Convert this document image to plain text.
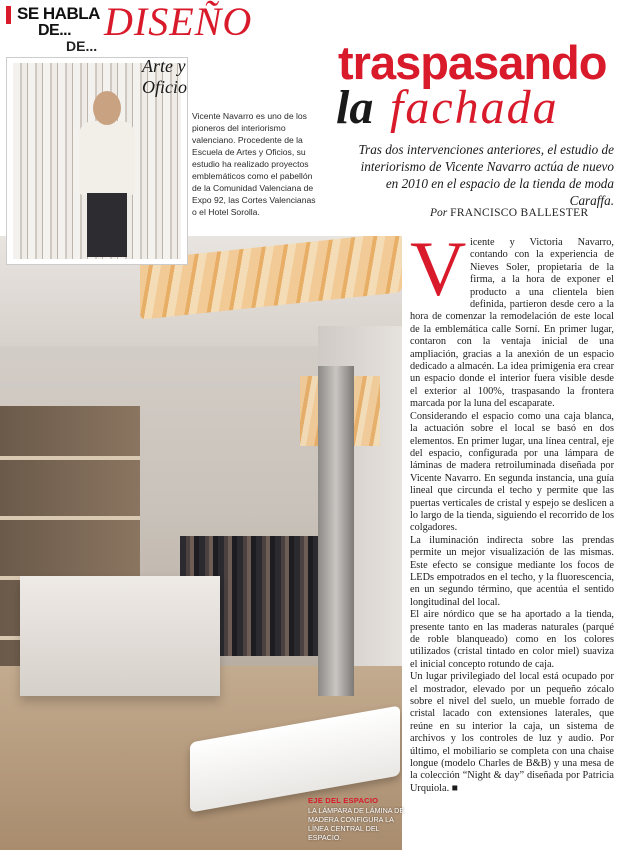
SE HABLA
DE...
DE...
DISEÑO
Arte y Oficio
Vicente Navarro es uno de los pioneros del interiorismo valenciano. Procedente de la Escuela de Artes y Oficios, su estudio ha realizado proyectos emblemáticos como el pabellón de la Comunidad Valenciana de Expo 92, las Cortes Valencianas o el Hotel Sorolla.
traspasando
la fachada
Tras dos intervenciones anteriores, el estudio de interiorismo de Vicente Navarro actúa de nuevo en 2010 en el espacio de la tienda de moda Caraffa.
Por FRANCISCO BALLESTER
V icente y Victoria Navarro, contando con la experiencia de Nieves Soler, propietaria de la firma, a la hora de exponer el producto a una clientela bien definida, partieron desde cero a la hora de comenzar la remodelación de este local de la emblemática calle Sorní. En primer lugar, contaron con la ventaja inicial de una ampliación, gracias a la anexión de un espacio dedicado a almacén. La idea primigenia era crear un espacio donde el interior fuera visible desde el exterior al 100%, traspasando la frontera marcada por la luna del escaparate.

Considerando el espacio como una caja blanca, la actuación sobre el local se basó en dos elementos. En primer lugar, una línea central, eje del espacio, configurada por una lámpara de láminas de madera retroiluminada diseñada por Vicente Navarro. En segunda instancia, una guía lineal que circunda el techo y permite que las puertas verticales de cristal y espejo se deslicen a lo largo de la tienda, siguiendo el recorrido de los colgadores.

La iluminación indirecta sobre las prendas permite un mejor visualización de las mismas. Este efecto se consigue mediante los focos de LEDs empotrados en el techo, y la fluorescencia, en un segundo término, que acentúa el sentido longitudinal del local.

El aire nórdico que se ha aportado a la tienda, presente tanto en las maderas naturales (parqué de roble blanqueado) como en los colores utilizados (cristal tintado en color miel) suaviza el inicial concepto rotundo de caja.

Un lugar privilegiado del local está ocupado por el mostrador, elevado por un pequeño zócalo sobre el nivel del suelo, un mueble forrado de cristal lacado con extensiones laterales, que reúne en su interior la caja, un sistema de archivos y los controles de luz y audio. Por último, el mobiliario se completa con una chaise longue (modelo Charles de B&B) y una mesa de la colección “Night & day” diseñada por Patricia Urquiola. ■

EJE DEL ESPACIO
LA LÁMPARA DE LÁMINA DE MADERA CONFIGURA LA LÍNEA CENTRAL DEL ESPACIO.
